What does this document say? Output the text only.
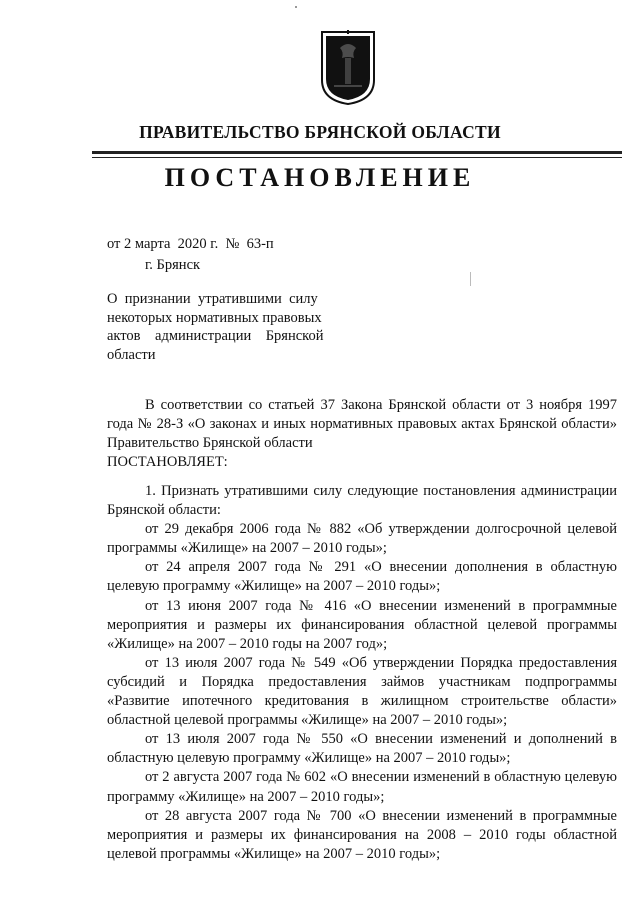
ПРАВИТЕЛЬСТВО БРЯНСКОЙ ОБЛАСТИ
ПОСТАНОВЛЕНИЕ
от 2 марта  2020 г.  №  63-п
г. Брянск
О  признании  утратившими  силу
некоторых нормативных правовых
актов    администрации    Брянской
области
В соответствии со статьей 37 Закона Брянской области от 3 ноября 1997 года № 28-З «О законах и иных нормативных правовых актах Брянской области» Правительство Брянской области
ПОСТАНОВЛЯЕТ:

1. Признать утратившими силу следующие постановления администрации Брянской области:

от 29 декабря 2006 года № 882 «Об утверждении долгосрочной целевой программы «Жилище» на 2007 – 2010 годы»;

от 24 апреля 2007 года № 291 «О внесении дополнения в областную целевую программу «Жилище» на 2007 – 2010 годы»;

от 13 июня 2007 года № 416 «О внесении изменений в программные мероприятия и размеры их финансирования областной целевой программы «Жилище» на 2007 – 2010 годы на 2007 год»;

от 13 июля 2007 года № 549 «Об утверждении Порядка предоставления субсидий и Порядка предоставления займов участникам подпрограммы «Развитие ипотечного кредитования в жилищном строительстве области» областной целевой программы «Жилище» на 2007 – 2010 годы»;

от 13 июля 2007 года № 550 «О внесении изменений и дополнений в областную целевую программу «Жилище» на 2007 – 2010 годы»;

от 2 августа 2007 года № 602 «О внесении изменений в областную целевую программу «Жилище» на 2007 – 2010 годы»;

от 28 августа 2007 года № 700 «О внесении изменений в программные мероприятия и размеры их финансирования на 2008 – 2010 годы областной целевой программы «Жилище» на 2007 – 2010 годы»;
